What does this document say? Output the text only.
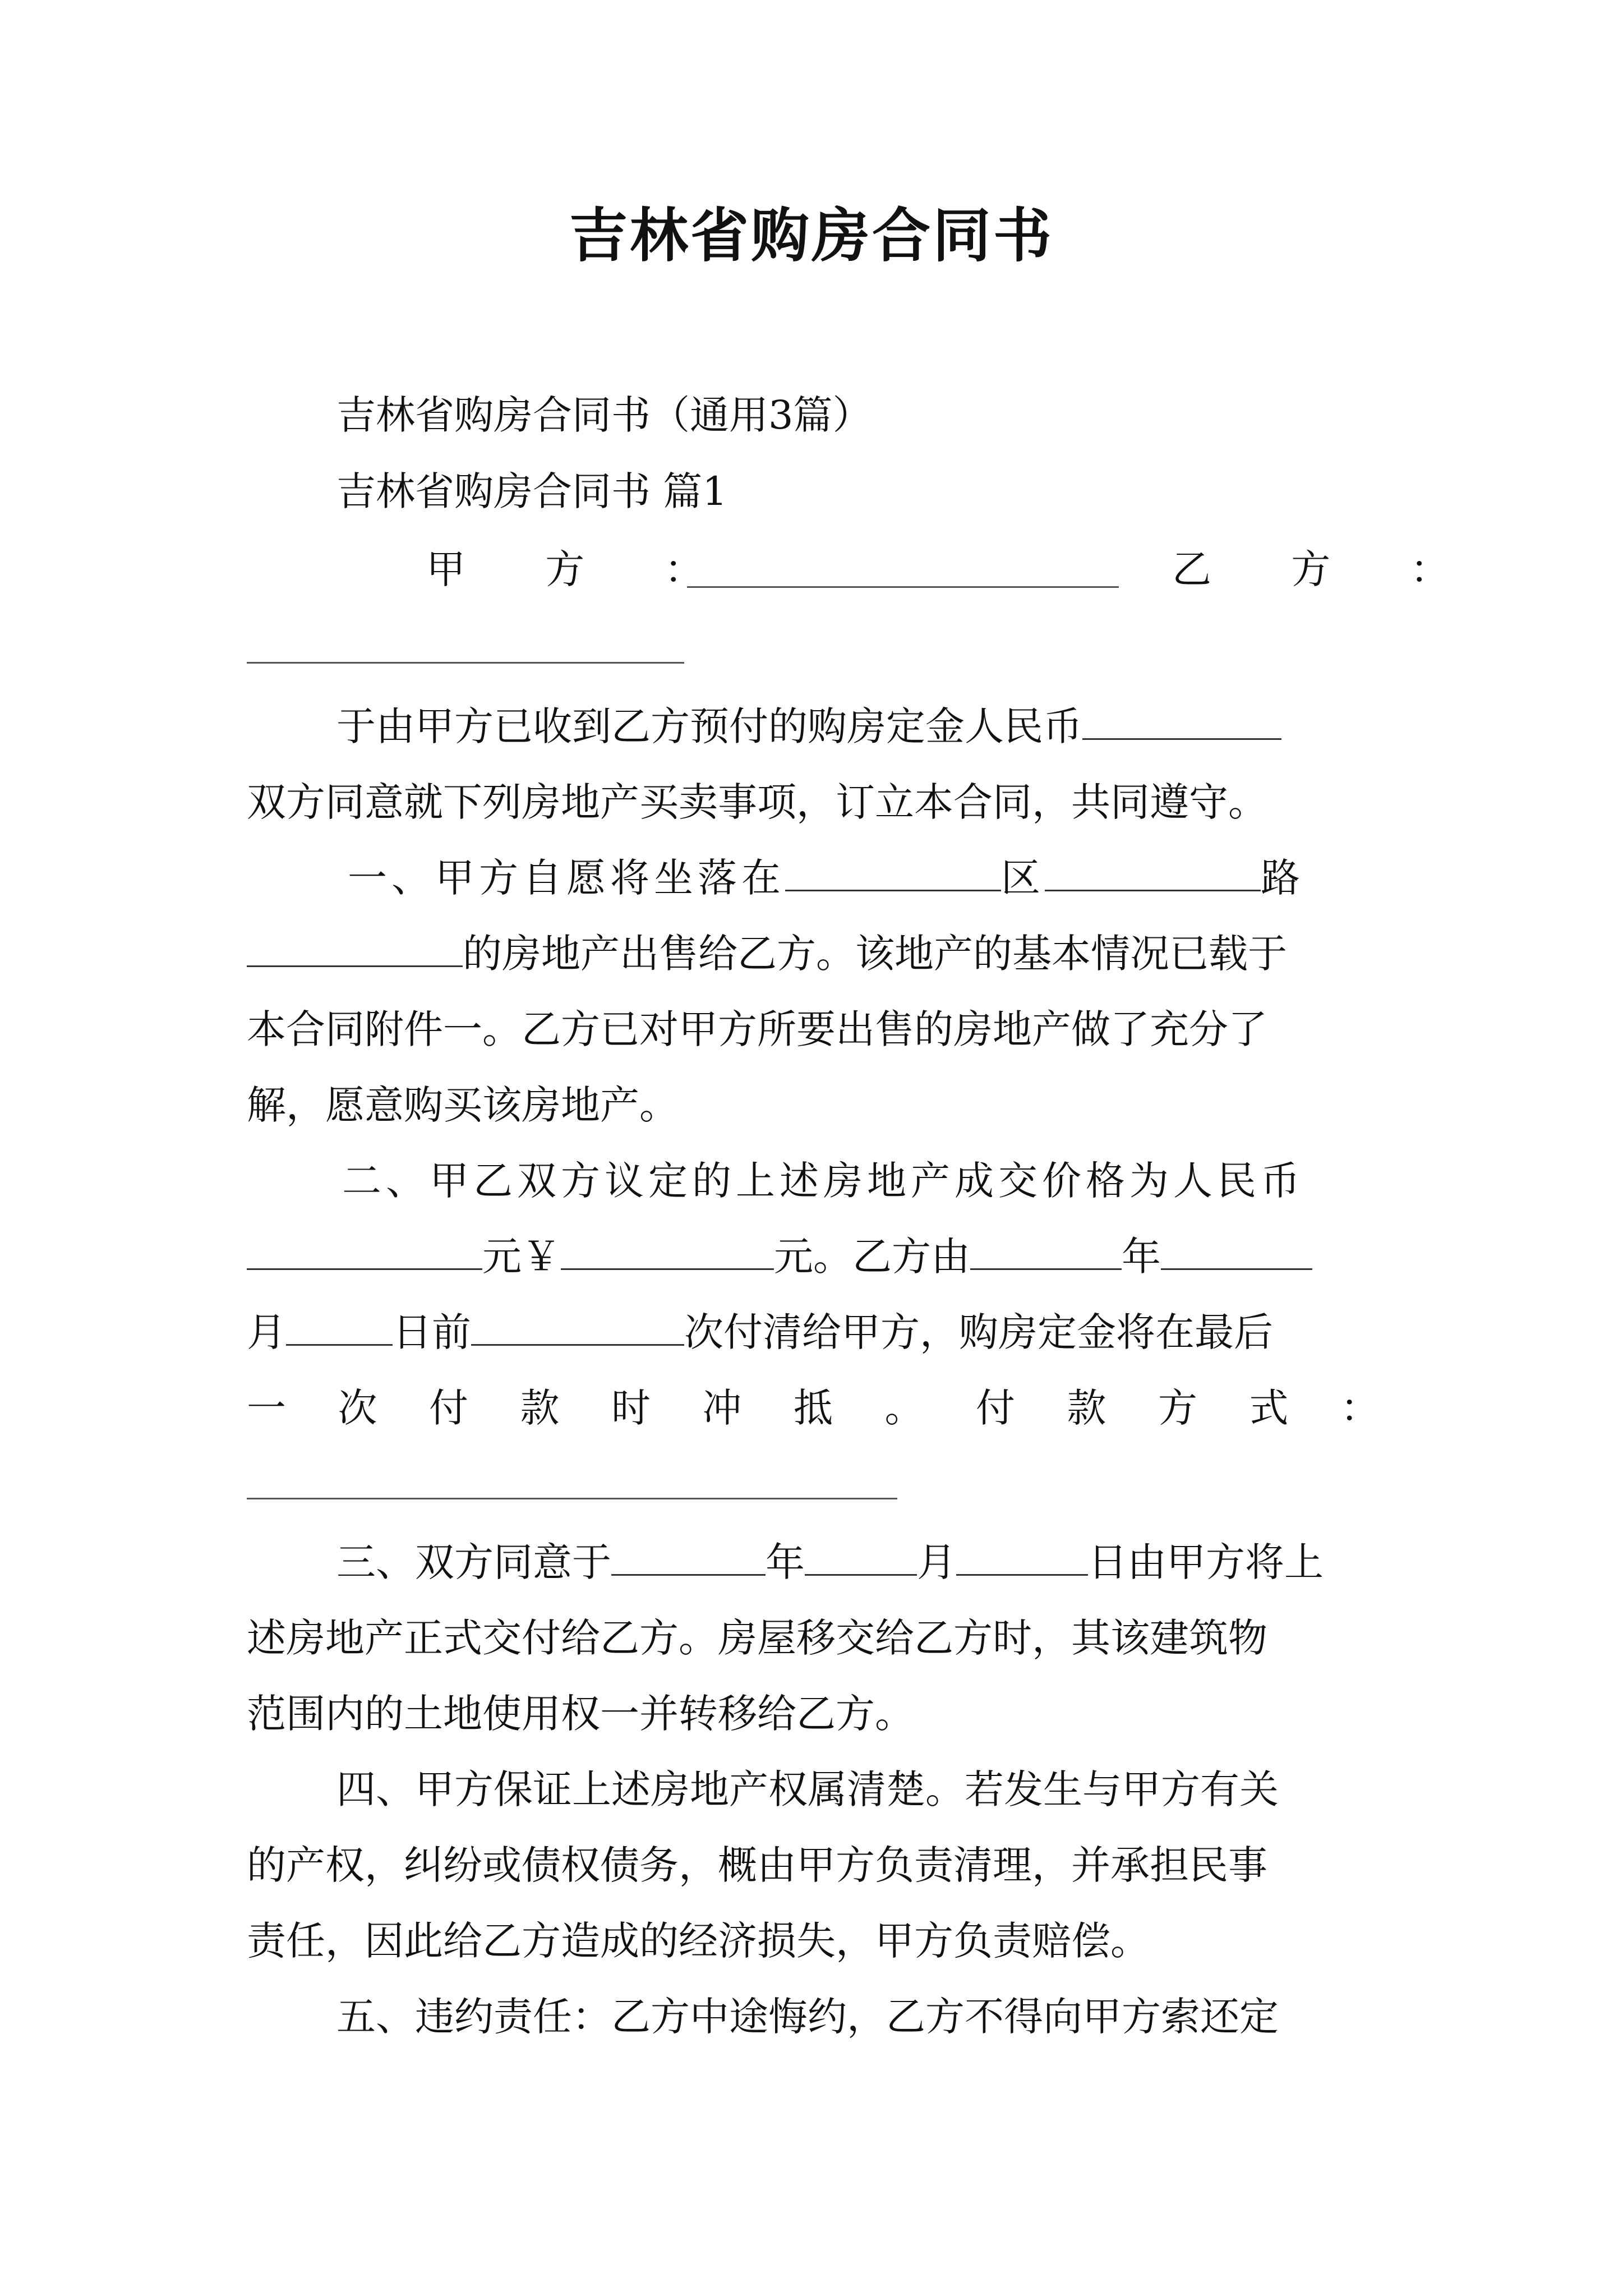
吉林省购房合同书
吉林省购房合同书（通用3篇）
吉林省购房合同书 篇1
甲 方 ：	乙 方 ：
于由甲方已收到乙方预付的购房定金人民币
双方同意就下列房地产买卖事项，订立本合同，共同遵守。
一、甲方自愿将坐落在	区	路
的房地产出售给乙方。该地产的基本情况已载于
本合同附件一。乙方已对甲方所要出售的房地产做了充分了
解，愿意购买该房地产。
二、甲乙双方议定的上述房地产成交价格为人民币
元￥	元。乙方由	年
月	日前	次付清给甲方，购房定金将在最后
一 次 付 款 时 冲 抵 。 付 款 方 式 ：
三、双方同意于	年	月	日由甲方将上
述房地产正式交付给乙方。房屋移交给乙方时，其该建筑物
范围内的土地使用权一并转移给乙方。
四、甲方保证上述房地产权属清楚。若发生与甲方有关
的产权，纠纷或债权债务，概由甲方负责清理，并承担民事
责任，因此给乙方造成的经济损失，甲方负责赔偿。
五、违约责任：乙方中途悔约，乙方不得向甲方索还定
